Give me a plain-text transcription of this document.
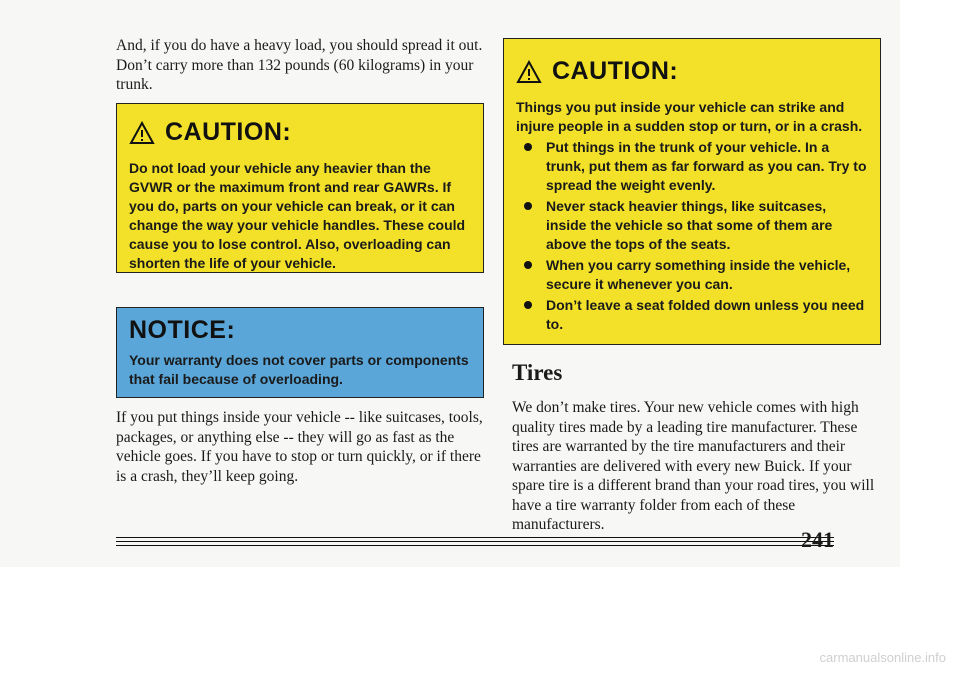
And, if you do have a heavy load, you should spread it out. Don’t carry more than 132 pounds (60 kilograms) in your trunk.

CAUTION:

Do not load your vehicle any heavier than the GVWR or the maximum front and rear GAWRs. If you do, parts on your vehicle can break, or it can change the way your vehicle handles. These could cause you to lose control. Also, overloading can shorten the life of your vehicle.

NOTICE:

Your warranty does not cover parts or components that fail because of overloading.

If you put things inside your vehicle -- like suitcases, tools, packages, or anything else -- they will go as fast as the vehicle goes. If you have to stop or turn quickly, or if there is a crash, they’ll keep going.

CAUTION:

Things you put inside your vehicle can strike and injure people in a sudden stop or turn, or in a crash.

Put things in the trunk of your vehicle. In a trunk, put them as far forward as you can. Try to spread the weight evenly.
Never stack heavier things, like suitcases, inside the vehicle so that some of them are above the tops of the seats.
When you carry something inside the vehicle, secure it whenever you can.
Don’t leave a seat folded down unless you need to.
Tires

We don’t make tires. Your new vehicle comes with high quality tires made by a leading tire manufacturer. These tires are warranted by the tire manufacturers and their warranties are delivered with every new Buick. If your spare tire is a different brand than your road tires, you will have a tire warranty folder from each of these manufacturers.

241
carmanualsonline.info
